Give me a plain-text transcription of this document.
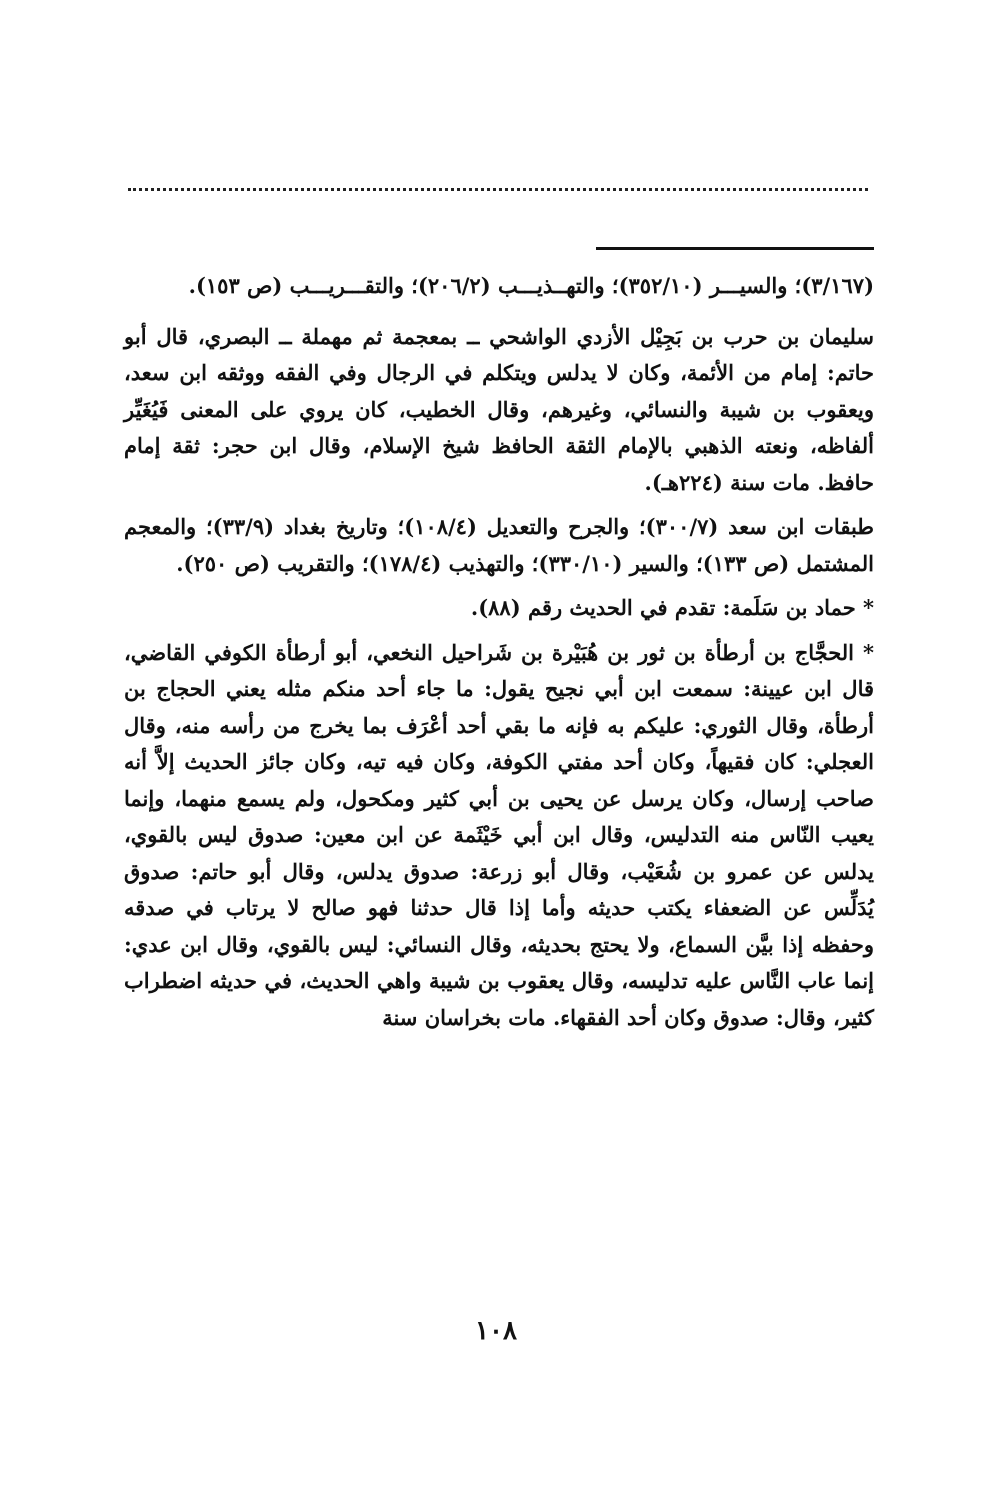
(٣/١٦٧)؛ والسيـــر (٣٥٢/١٠)؛ والتهــذيـــب (٢٠٦/٢)؛ والتقـــريـــب (ص ١٥٣).

سليمان بن حرب بن بَجِيْل الأزدي الواشحي ــ بمعجمة ثم مهملة ــ البصري، قال أبو حاتم: إمام من الأئمة، وكان لا يدلس ويتكلم في الرجال وفي الفقه ووثقه ابن سعد، ويعقوب بن شيبة والنسائي، وغيرهم، وقال الخطيب، كان يروي على المعنى فَيُغَيِّر ألفاظه، ونعته الذهبي بالإمام الثقة الحافظ شيخ الإسلام، وقال ابن حجر: ثقة إمام حافظ. مات سنة (٢٢٤هـ).

طبقات ابن سعد (٣٠٠/٧)؛ والجرح والتعديل (١٠٨/٤)؛ وتاريخ بغداد (٣٣/٩)؛ والمعجم المشتمل (ص ١٣٣)؛ والسير (٣٣٠/١٠)؛ والتهذيب (١٧٨/٤)؛ والتقريب (ص ٢٥٠).

* حماد بن سَلَمة: تقدم في الحديث رقم (٨٨).

* الحجَّاج بن أرطأة بن ثور بن هُبَيْرة بن شَراحيل النخعي، أبو أرطأة الكوفي القاضي، قال ابن عيينة: سمعت ابن أبي نجيح يقول: ما جاء أحد منكم مثله يعني الحجاج بن أرطأة، وقال الثوري: عليكم به فإنه ما بقي أحد أعْرَف بما يخرج من رأسه منه، وقال العجلي: كان فقيهاً، وكان أحد مفتي الكوفة، وكان فيه تيه، وكان جائز الحديث إلاَّ أنه صاحب إرسال، وكان يرسل عن يحيى بن أبي كثير ومكحول، ولم يسمع منهما، وإنما يعيب النّاس منه التدليس، وقال ابن أبي خَيْثَمة عن ابن معين: صدوق ليس بالقوي، يدلس عن عمرو بن شُعَيْب، وقال أبو زرعة: صدوق يدلس، وقال أبو حاتم: صدوق يُدَلِّس عن الضعفاء يكتب حديثه وأما إذا قال حدثنا فهو صالح لا يرتاب في صدقه وحفظه إذا بيَّن السماع، ولا يحتج بحديثه، وقال النسائي: ليس بالقوي، وقال ابن عدي: إنما عاب النَّاس عليه تدليسه، وقال يعقوب بن شيبة واهي الحديث، في حديثه اضطراب كثير، وقال: صدوق وكان أحد الفقهاء. مات بخراسان سنة

١٠٨
